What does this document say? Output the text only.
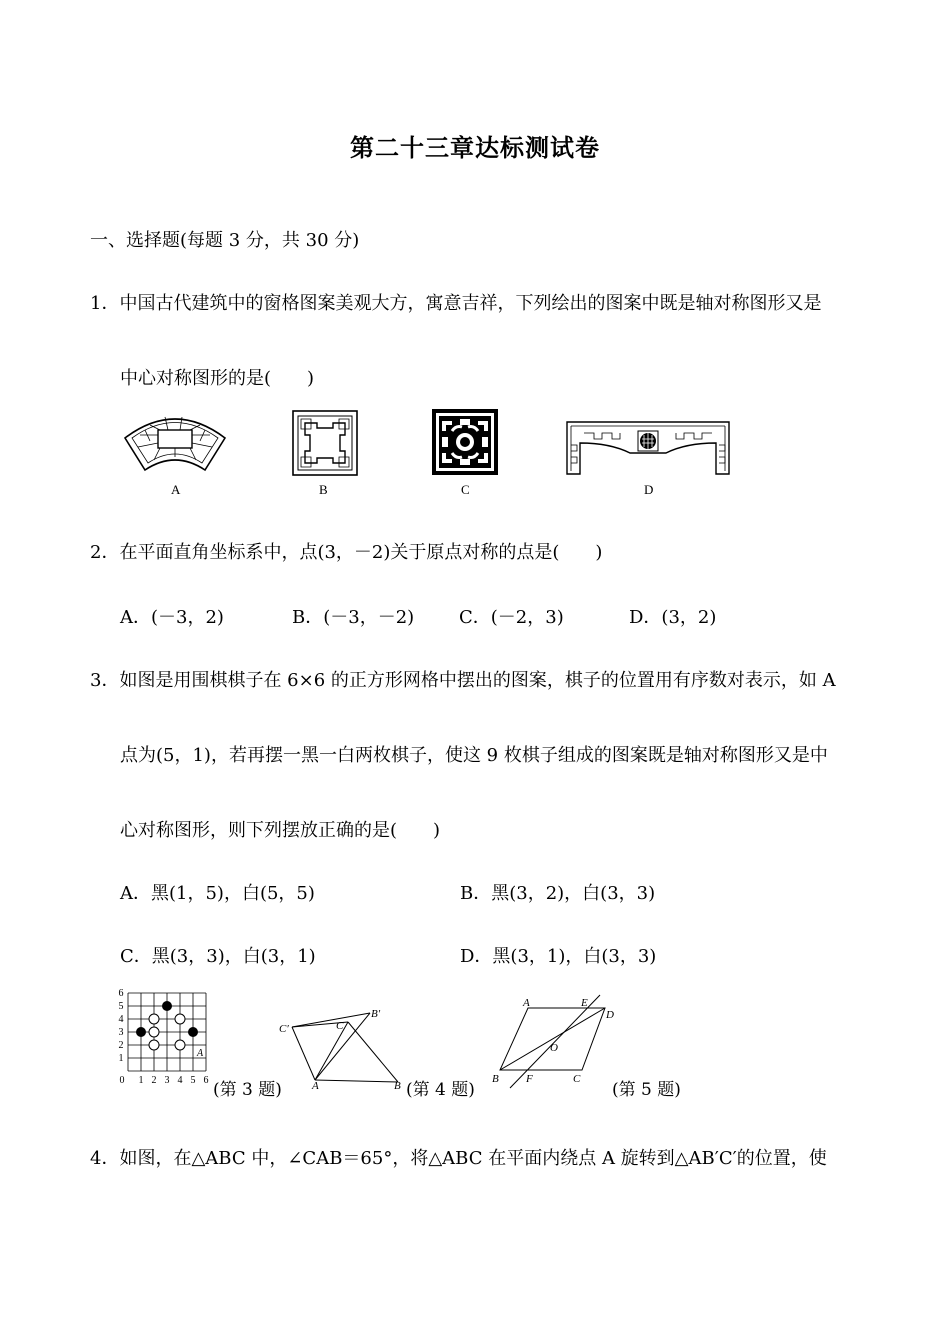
第二十三章达标测试卷
一、选择题(每题 3 分，共 30 分)
1．中国古代建筑中的窗格图案美观大方，寓意吉祥，下列绘出的图案中既是轴对称图形又是
中心对称图形的是(　　)
A	B	C	D
2．在平面直角坐标系中，点(3，－2)关于原点对称的点是(　　)
A．(－3，2)	B．(－3，－2) C．(－2，3)	D．(3，2)
3．如图是用围棋棋子在 6×6 的正方形网格中摆出的图案，棋子的位置用有序数对表示，如 A
点为(5，1)，若再摆一黑一白两枚棋子，使这 9 枚棋子组成的图案既是轴对称图形又是中
心对称图形，则下列摆放正确的是(　　)
A．黑(1，5)，白(5，5)	B．黑(3，2)，白(3，3)
C．黑(3，3)，白(3，1)	D．黑(3，1)，白(3，3)
0 1 2 3 4 5 6
1
2
3
4
5
6
A
(第 3 题)
C′	C
B′
A	B (第 4 题)
A	E
D
O
B F	C
(第 5 题)
4．如图，在△ABC 中，∠CAB＝65°，将△ABC 在平面内绕点 A 旋转到△AB′C′的位置，使
